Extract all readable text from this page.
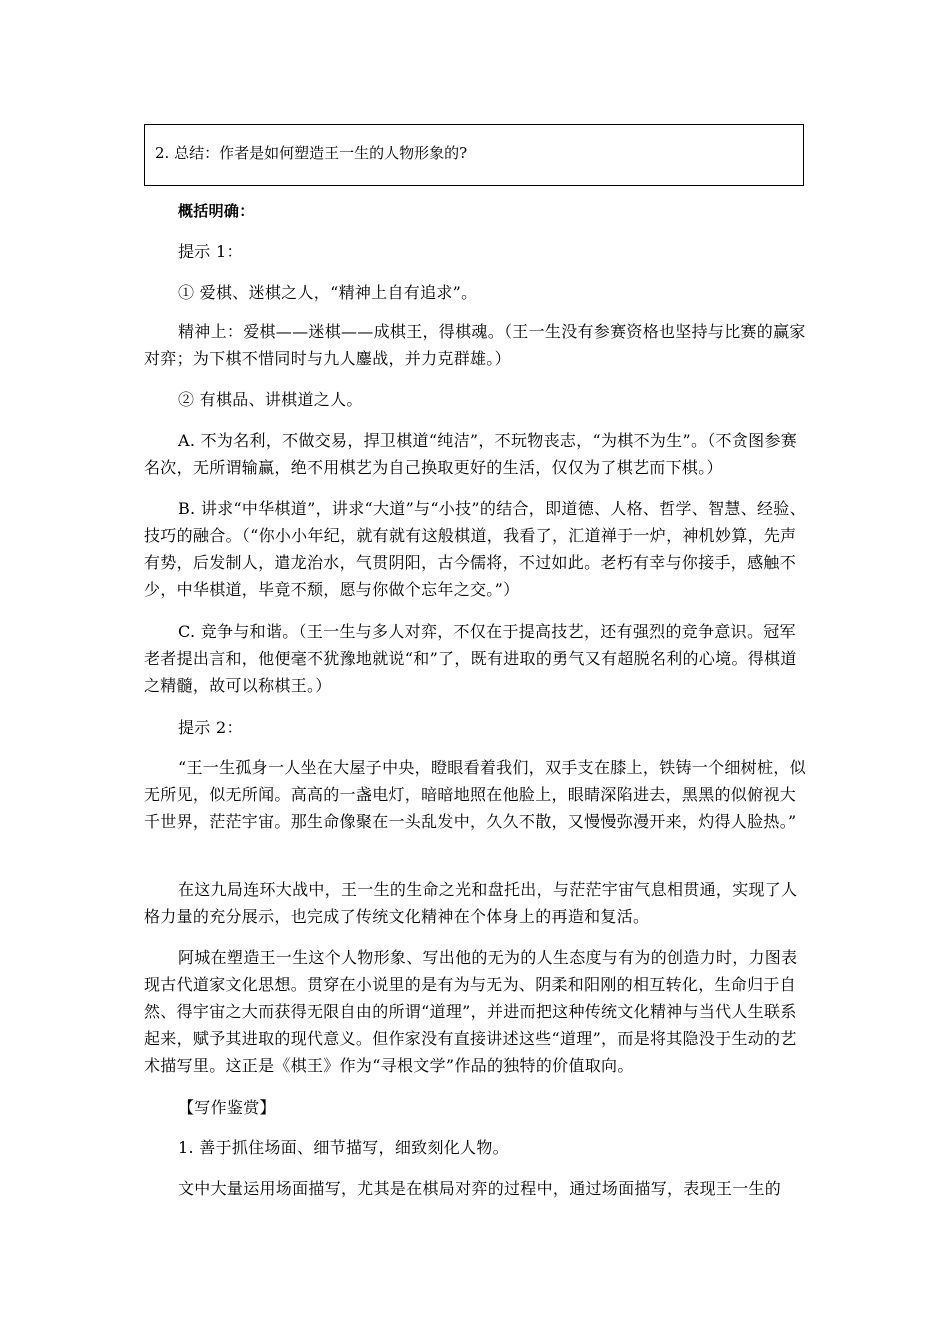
2. 总结：作者是如何塑造王一生的人物形象的?

概括明确：

提示 1：

① 爱棋、迷棋之人，“精神上自有追求”。

精神上：爱棋——迷棋——成棋王，得棋魂。（王一生没有参赛资格也坚持与比赛的赢家对弈；为下棋不惜同时与九人鏖战，并力克群雄。）

② 有棋品、讲棋道之人。

A. 不为名利，不做交易，捍卫棋道“纯洁”，不玩物丧志，“为棋不为生”。（不贪图参赛名次，无所谓输赢，绝不用棋艺为自己换取更好的生活，仅仅为了棋艺而下棋。）

B. 讲求“中华棋道”，讲求“大道”与“小技”的结合，即道德、人格、哲学、智慧、经验、技巧的融合。（“你小小年纪，就有就有这般棋道，我看了，汇道禅于一炉，神机妙算，先声有势，后发制人，遣龙治水，气贯阴阳，古今儒将，不过如此。老朽有幸与你接手，感触不少，中华棋道，毕竟不颓，愿与你做个忘年之交。”）

C. 竞争与和谐。（王一生与多人对弈，不仅在于提高技艺，还有强烈的竞争意识。冠军老者提出言和，他便毫不犹豫地就说“和”了，既有进取的勇气又有超脱名利的心境。得棋道之精髓，故可以称棋王。）

提示 2：

“王一生孤身一人坐在大屋子中央，瞪眼看着我们，双手支在膝上，铁铸一个细树桩，似无所见，似无所闻。高高的一盏电灯，暗暗地照在他脸上，眼睛深陷进去，黑黑的似俯视大千世界，茫茫宇宙。那生命像聚在一头乱发中，久久不散，又慢慢弥漫开来，灼得人脸热。”

在这九局连环大战中，王一生的生命之光和盘托出，与茫茫宇宙气息相贯通，实现了人格力量的充分展示，也完成了传统文化精神在个体身上的再造和复活。

阿城在塑造王一生这个人物形象、写出他的无为的人生态度与有为的创造力时，力图表现古代道家文化思想。贯穿在小说里的是有为与无为、阴柔和阳刚的相互转化，生命归于自然、得宇宙之大而获得无限自由的所谓“道理”，并进而把这种传统文化精神与当代人生联系起来，赋予其进取的现代意义。但作家没有直接讲述这些“道理”，而是将其隐没于生动的艺术描写里。这正是《棋王》作为“寻根文学”作品的独特的价值取向。

【写作鉴赏】

1. 善于抓住场面、细节描写，细致刻化人物。

文中大量运用场面描写，尤其是在棋局对弈的过程中，通过场面描写，表现王一生的
